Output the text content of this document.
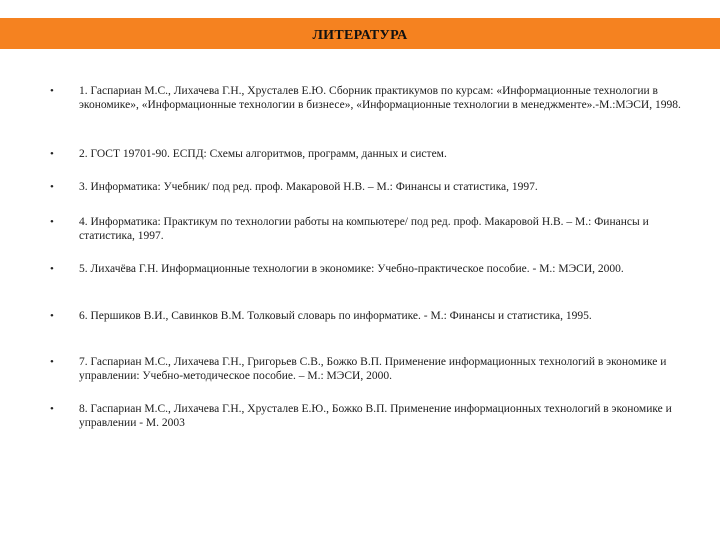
ЛИТЕРАТУРА
• 1. Гаспариан М.С., Лихачева Г.Н., Хрусталев Е.Ю. Сборник практикумов по курсам: «Информационные технологии в экономике», «Информационные технологии в бизнесе», «Информационные технологии в менеджменте».-М.:МЭСИ, 1998.
• 2. ГОСТ 19701-90. ЕСПД: Схемы алгоритмов, программ, данных и систем.
• 3. Информатика: Учебник/ под ред. проф. Макаровой Н.В. – М.: Финансы и статистика, 1997.
• 4. Информатика: Практикум по технологии работы на компьютере/ под ред. проф. Макаровой Н.В. – М.: Финансы и статистика, 1997.
• 5. Лихачёва Г.Н. Информационные технологии в экономике: Учебно-практическое пособие. - М.: МЭСИ, 2000.
• 6. Першиков В.И., Савинков В.М. Толковый словарь по информатике. - М.: Финансы и статистика, 1995.
• 7. Гаспариан М.С., Лихачева Г.Н., Григорьев С.В., Божко В.П. Применение информационных технологий в экономике и управлении: Учебно-методическое пособие. – М.: МЭСИ, 2000.
• 8. Гаспариан М.С., Лихачева Г.Н., Хрусталев Е.Ю., Божко В.П. Применение информационных технологий в экономике и управлении - М. 2003
